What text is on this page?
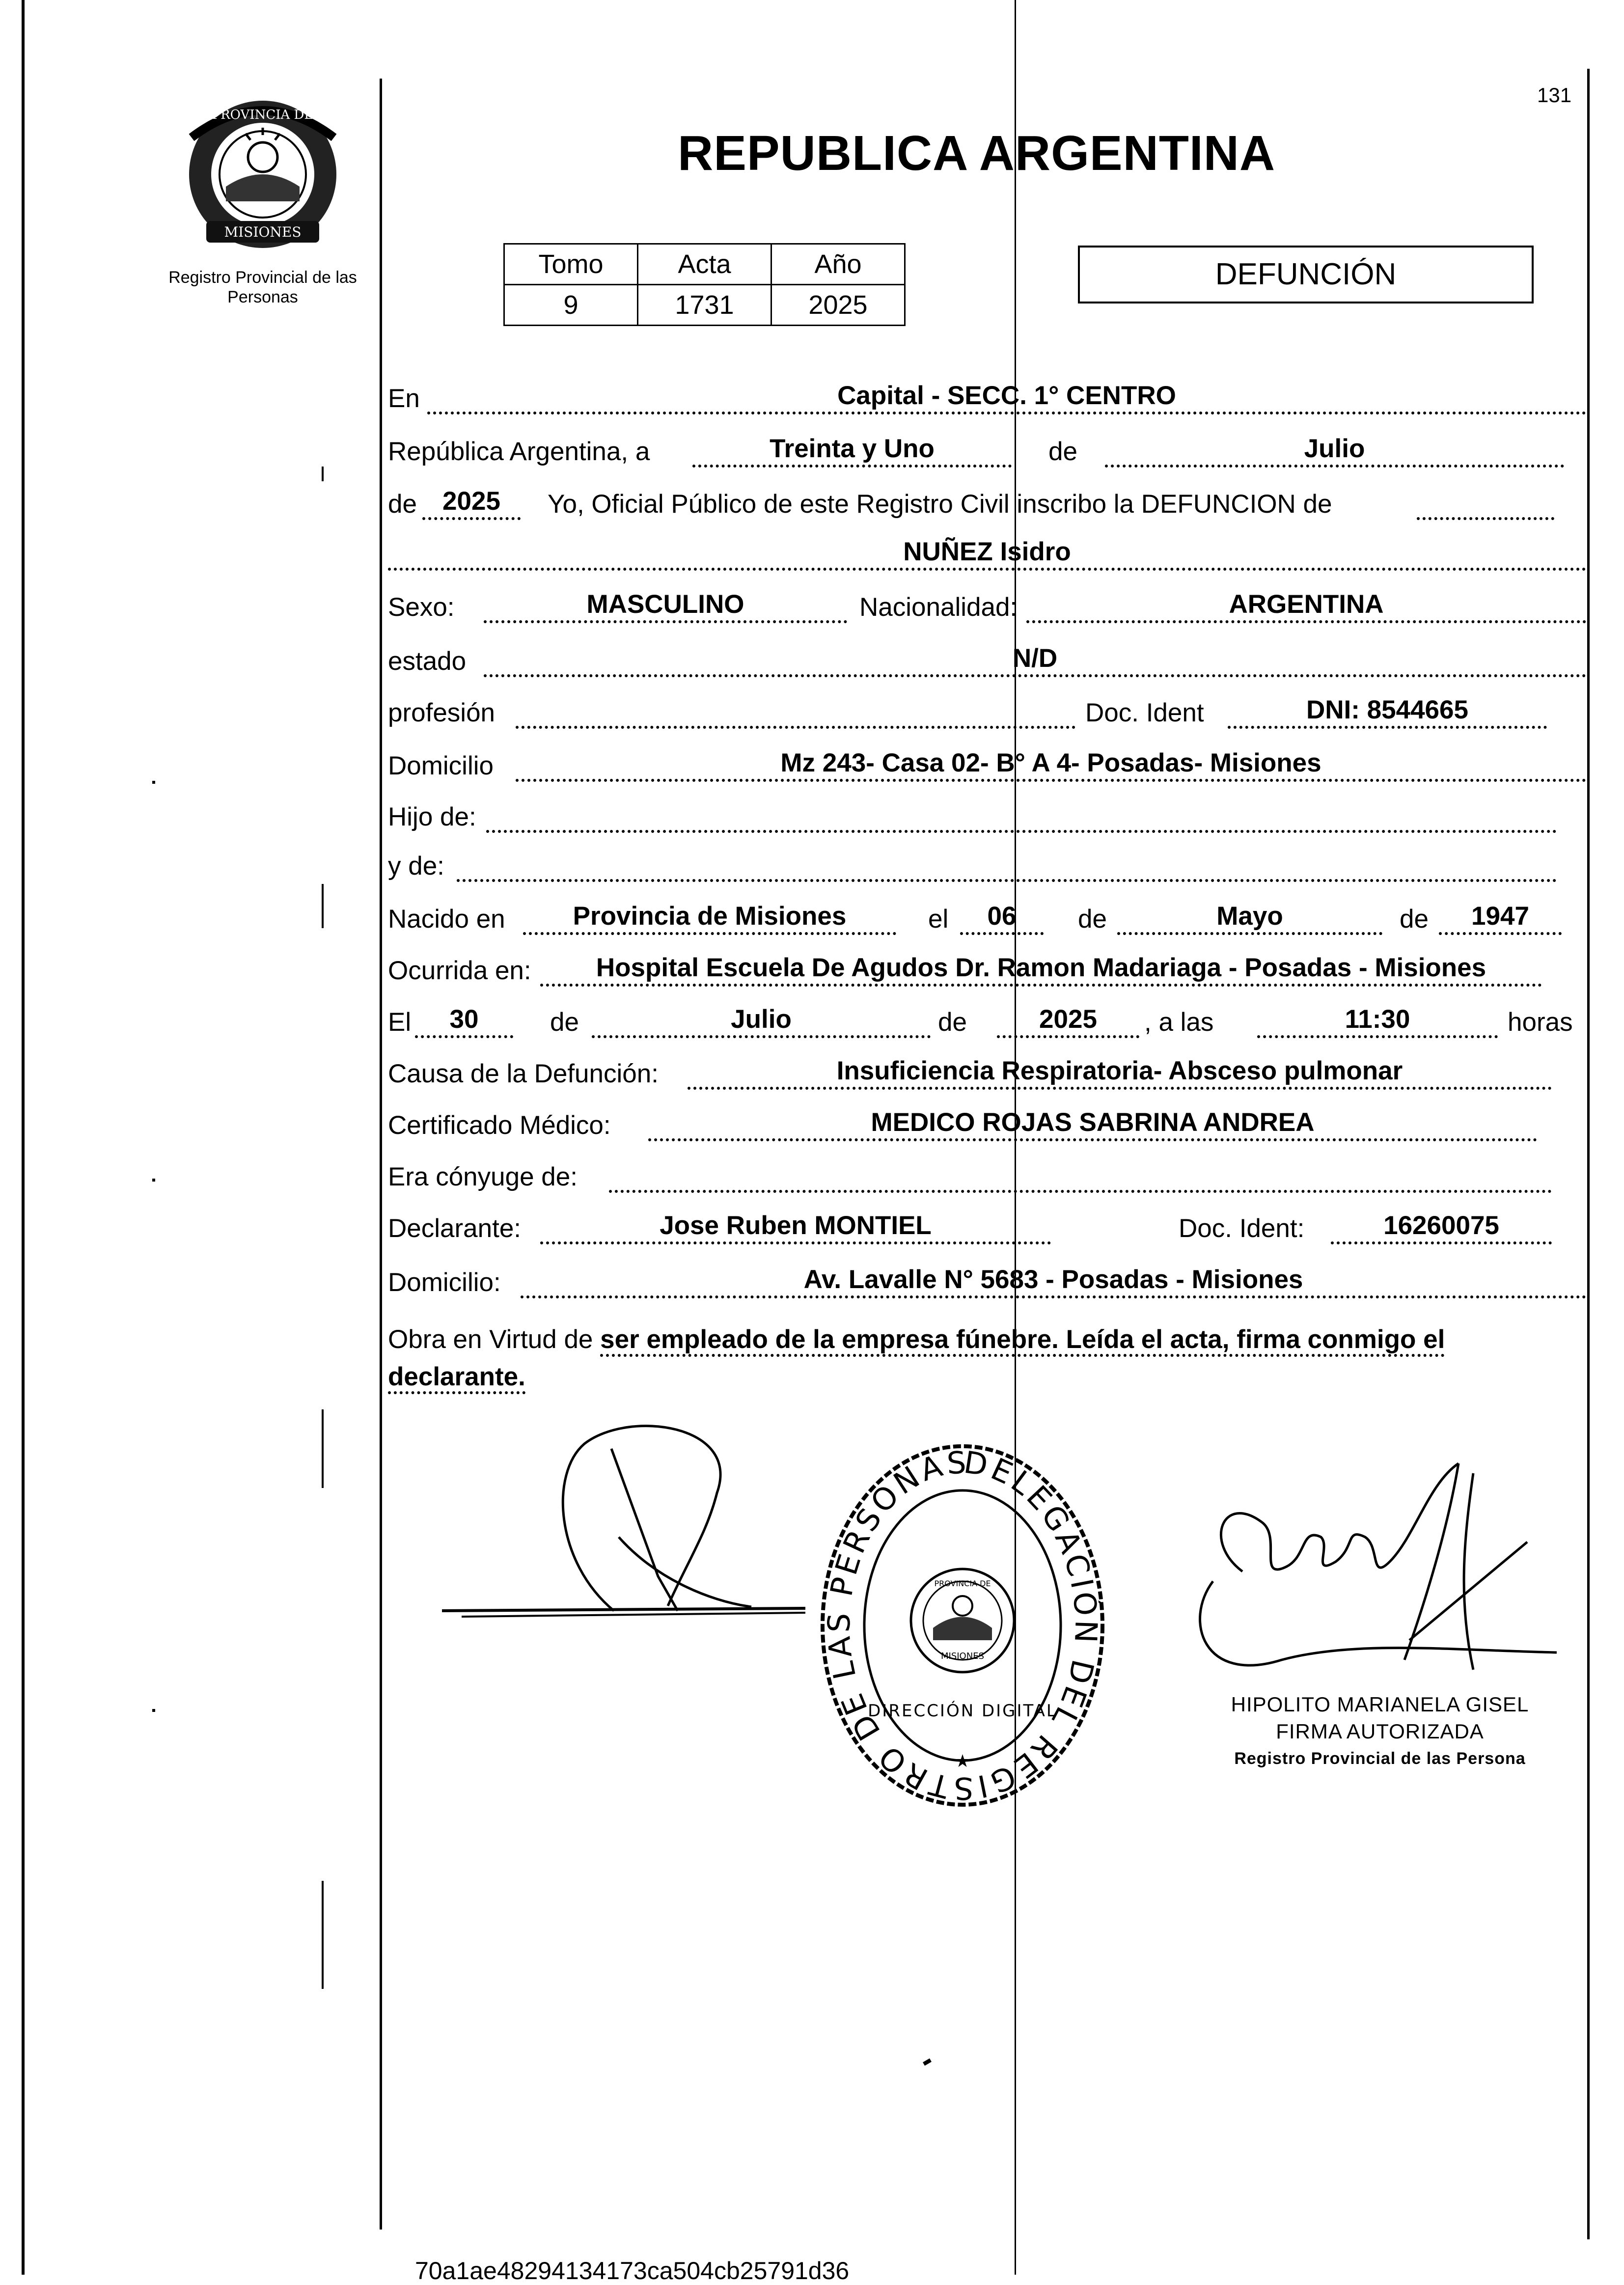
131
PROVINCIA DE
MISIONES
Registro Provincial de las Personas
REPUBLICA ARGENTINA
Tomo	Acta	Año
9	1731	2025
DEFUNCIÓN
En	Capital - SECC. 1° CENTRO
República Argentina, a	Treinta y Uno	de	Julio
de 2025	Yo, Oficial Público de este Registro Civil inscribo la DEFUNCION de
NUÑEZ Isidro
Sexo:	MASCULINO	Nacionalidad:	ARGENTINA
estado	N/D
profesión	Doc. Ident	DNI: 8544665
Domicilio	Mz 243- Casa 02- B° A 4- Posadas- Misiones
Hijo de:
y de:
Nacido en	Provincia de Misiones	el	06	de	Mayo	de	1947
Ocurrida en:	Hospital Escuela De Agudos Dr. Ramon Madariaga - Posadas - Misiones
El	30	de	Julio	de	2025	, a las	11:30	horas
Causa de la Defunción:	Insuficiencia Respiratoria- Absceso pulmonar
Certificado Médico:	MEDICO ROJAS SABRINA ANDREA
Era cónyuge de:
Declarante:	Jose Ruben MONTIEL	Doc. Ident:	16260075
Domicilio:	Av. Lavalle N° 5683 - Posadas - Misiones
Obra en Virtud de ser empleado de la empresa fúnebre. Leída el acta, firma conmigo el declarante.
DELEGACIÓN DEL REGISTRO DE LAS PERSONAS
PROVINCIA DE
MISIONES
DIRECCIÓN DIGITAL
★
HIPOLITO MARIANELA GISEL
FIRMA AUTORIZADA
Registro Provincial de las Persona
70a1ae48294134173ca504cb25791d36
